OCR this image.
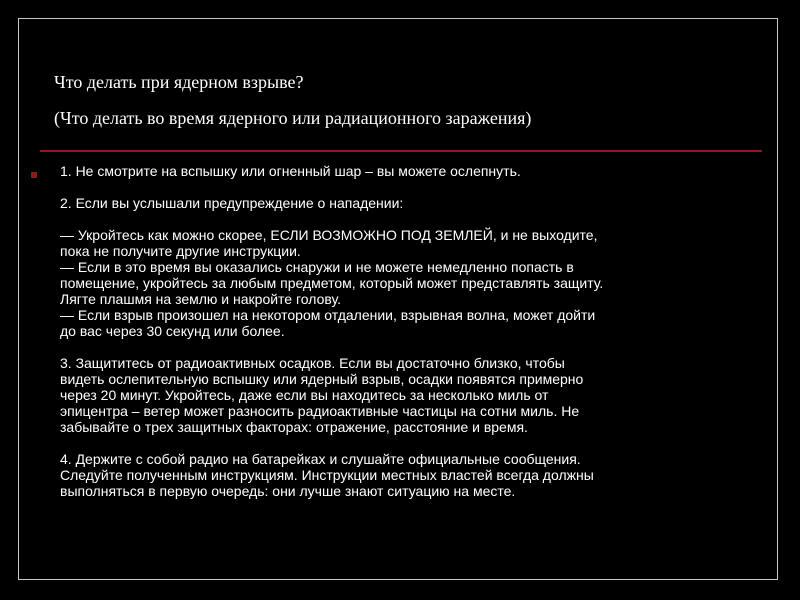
Что делать при ядерном взрыве?

(Что делать во время ядерного или радиационного заражения)

1. Не смотрите на вспышку или огненный шар – вы можете ослепнуть.

2. Если вы услышали предупреждение о нападении:

— Укройтесь как можно скорее, ЕСЛИ ВОЗМОЖНО ПОД ЗЕМЛЕЙ, и не выходите,
пока не получите другие инструкции.
— Если в это время вы оказались снаружи и не можете немедленно попасть в
помещение, укройтесь за любым предметом, который может представлять защиту.
Лягте плашмя на землю и накройте голову.
— Если взрыв произошел на некотором отдалении, взрывная волна, может дойти
до вас через 30 секунд или более.
3. Защититесь от радиоактивных осадков. Если вы достаточно близко, чтобы
видеть ослепительную вспышку или ядерный взрыв, осадки появятся примерно
через 20 минут. Укройтесь, даже если вы находитесь за несколько миль от
эпицентра – ветер может разносить радиоактивные частицы на сотни миль. Не
забывайте о трех защитных факторах: отражение, расстояние и время.
4. Держите с собой радио на батарейках и слушайте официальные сообщения.
Следуйте полученным инструкциям. Инструкции местных властей всегда должны
выполняться в первую очередь: они лучше знают ситуацию на месте.
